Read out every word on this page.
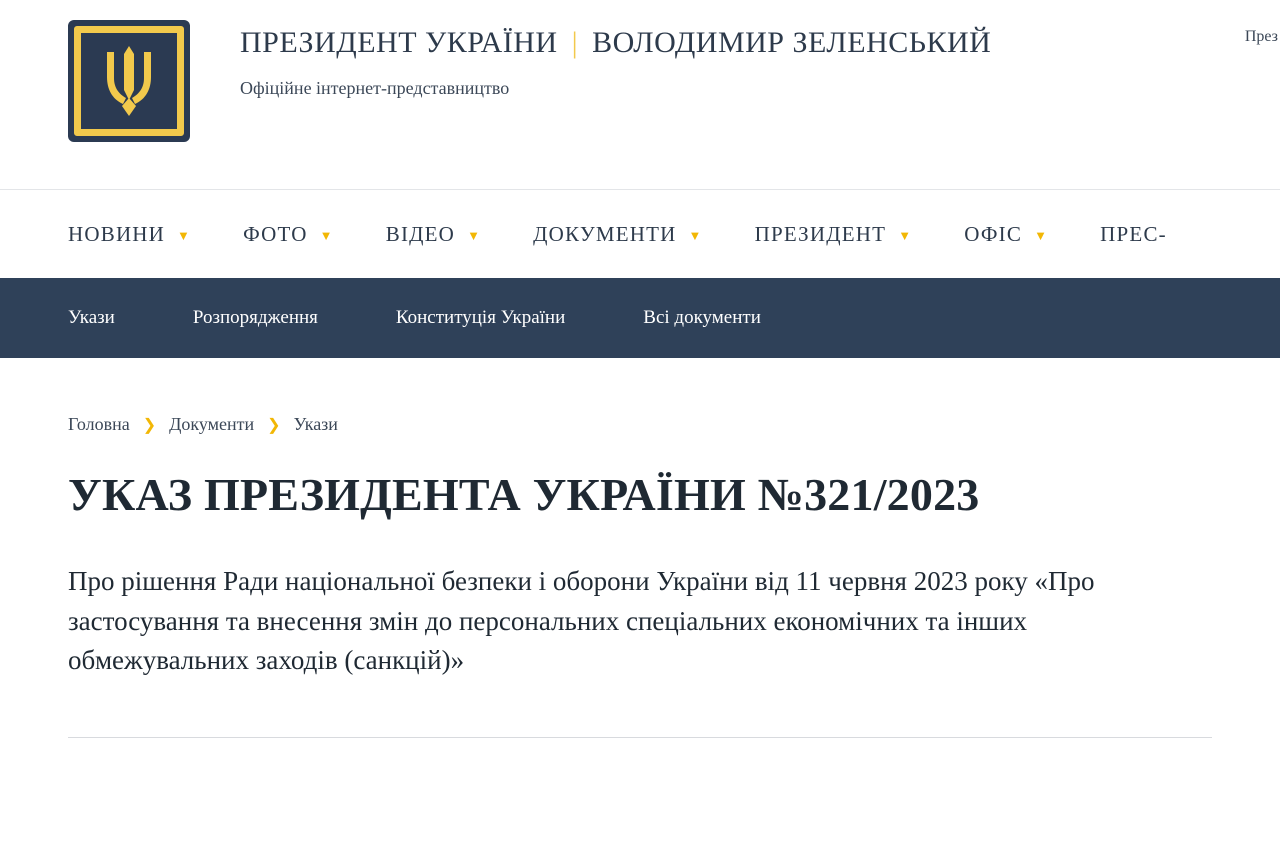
ПРЕЗИДЕНТ УКРАЇНИ | ВОЛОДИМИР ЗЕЛЕНСЬКИЙ
Офіційне інтернет-представництво
През
НОВИНИ ▼ ФОТО ▼ ВІДЕО ▼ ДОКУМЕНТИ ▼ ПРЕЗИДЕНТ ▼ ОФІС ▼ ПРЕС-
Укази	Розпорядження	Конституція України	Всі документи
Головна ❯ Документи ❯ Укази
УКАЗ ПРЕЗИДЕНТА УКРАЇНИ №321/2023

Про рішення Ради національної безпеки і оборони України від 11 червня 2023 року «Про застосування та внесення змін до персональних спеціальних економічних та інших обмежувальних заходів (санкцій)»
